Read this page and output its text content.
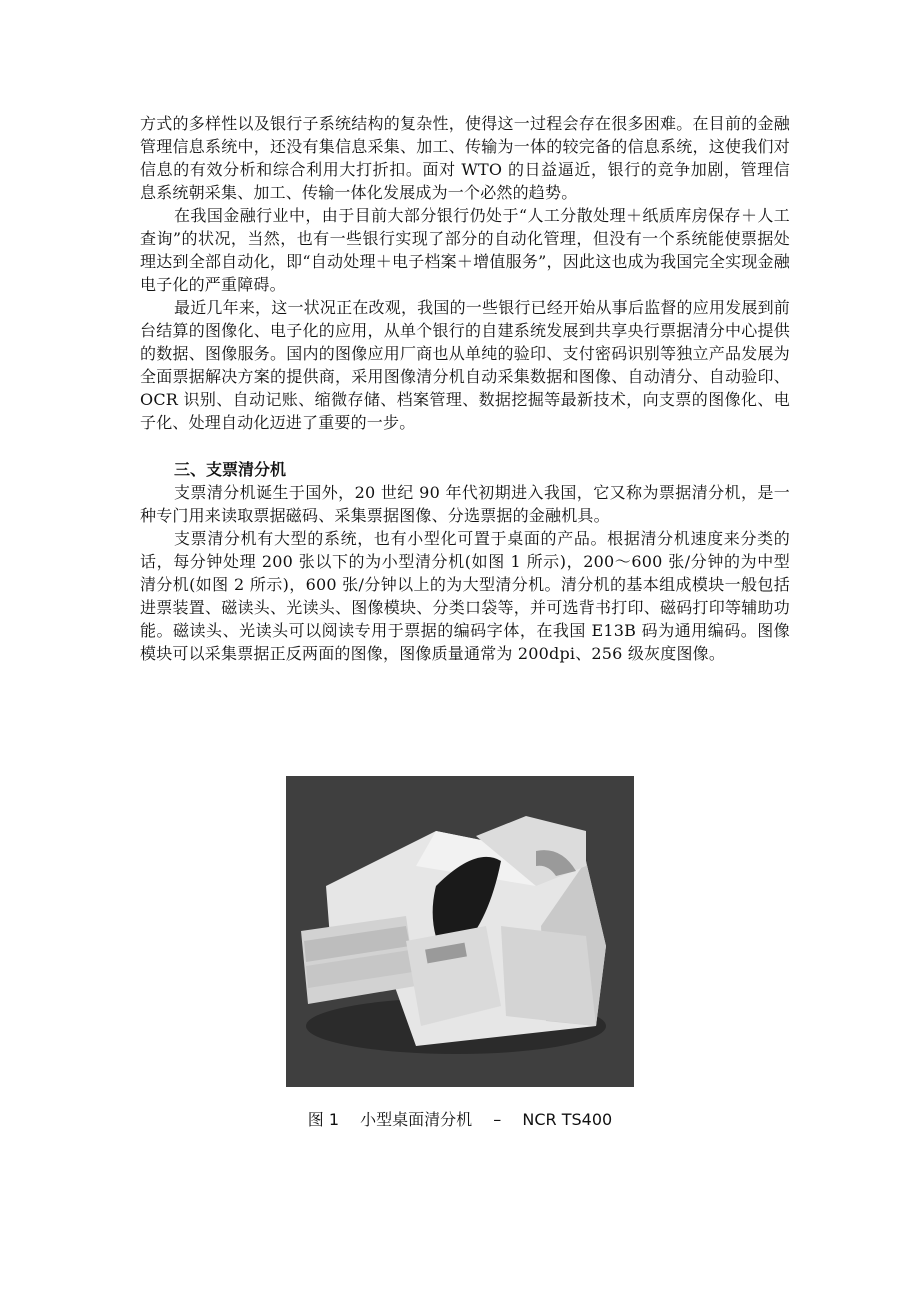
方式的多样性以及银行子系统结构的复杂性，使得这一过程会存在很多困难。在目前的金融管理信息系统中，还没有集信息采集、加工、传输为一体的较完备的信息系统，这使我们对信息的有效分析和综合利用大打折扣。面对 WTO 的日益逼近，银行的竞争加剧，管理信息系统朝采集、加工、传输一体化发展成为一个必然的趋势。

在我国金融行业中，由于目前大部分银行仍处于“人工分散处理＋纸质库房保存＋人工查询”的状况，当然，也有一些银行实现了部分的自动化管理，但没有一个系统能使票据处理达到全部自动化，即“自动处理＋电子档案＋增值服务”，因此这也成为我国完全实现金融电子化的严重障碍。

最近几年来，这一状况正在改观，我国的一些银行已经开始从事后监督的应用发展到前台结算的图像化、电子化的应用，从单个银行的自建系统发展到共享央行票据清分中心提供的数据、图像服务。国内的图像应用厂商也从单纯的验印、支付密码识别等独立产品发展为全面票据解决方案的提供商，采用图像清分机自动采集数据和图像、自动清分、自动验印、OCR 识别、自动记账、缩微存储、档案管理、数据挖掘等最新技术，向支票的图像化、电子化、处理自动化迈进了重要的一步。

三、支票清分机

支票清分机诞生于国外，20 世纪 90 年代初期进入我国，它又称为票据清分机，是一种专门用来读取票据磁码、采集票据图像、分选票据的金融机具。

支票清分机有大型的系统，也有小型化可置于桌面的产品。根据清分机速度来分类的话，每分钟处理 200 张以下的为小型清分机(如图 1 所示)，200～600 张/分钟的为中型清分机(如图 2 所示)，600 张/分钟以上的为大型清分机。清分机的基本组成模块一般包括进票装置、磁读头、光读头、图像模块、分类口袋等，并可选背书打印、磁码打印等辅助功能。磁读头、光读头可以阅读专用于票据的编码字体，在我国 E13B 码为通用编码。图像模块可以采集票据正反两面的图像，图像质量通常为 200dpi、256 级灰度图像。

图 1 小型桌面清分机 – NCR TS400
